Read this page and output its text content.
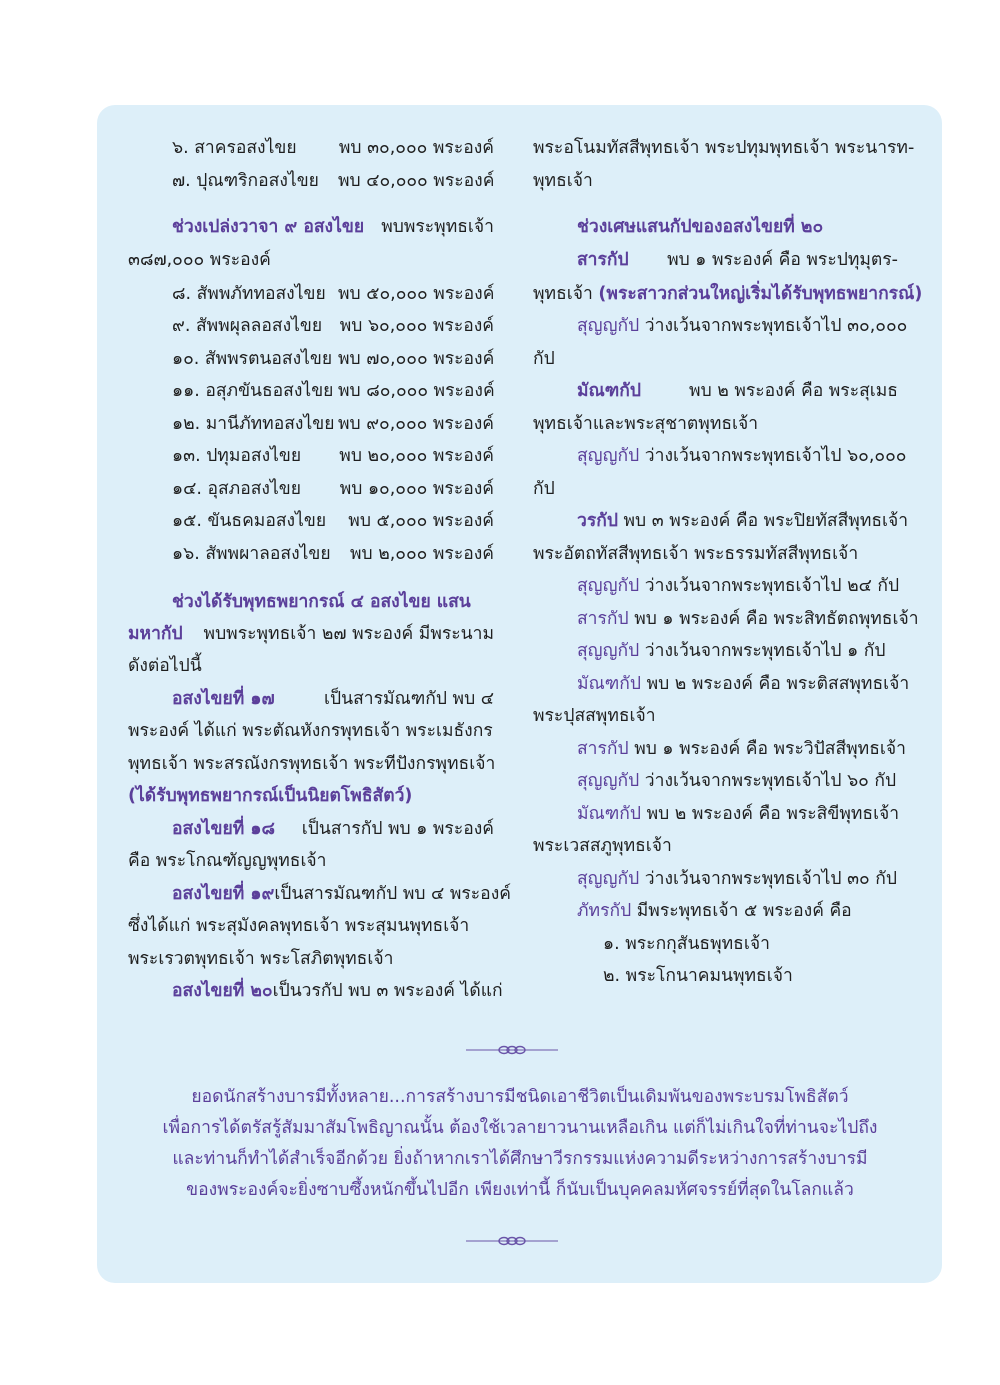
๖. สาครอสงไขย	พบ ๓๐,๐๐๐ พระองค์
๗. ปุณฑริกอสงไขย	พบ ๔๐,๐๐๐ พระองค์
ช่วงเปล่งวาจา ๙ อสงไขย พบพระพุทธเจ้า
๓๘๗,๐๐๐ พระองค์
๘. สัพพภัททอสงไขย พบ ๕๐,๐๐๐ พระองค์
๙. สัพพผุลลอสงไขย	พบ ๖๐,๐๐๐ พระองค์
๑๐. สัพพรตนอสงไขย พบ ๗๐,๐๐๐ พระองค์
๑๑. อสุภขันธอสงไขย พบ ๘๐,๐๐๐ พระองค์
๑๒. มานีภัททอสงไขย พบ ๙๐,๐๐๐ พระองค์
๑๓. ปทุมอสงไขย	พบ ๒๐,๐๐๐ พระองค์
๑๔. อุสภอสงไขย	พบ ๑๐,๐๐๐ พระองค์
๑๕. ขันธคมอสงไขย	พบ ๕,๐๐๐ พระองค์
๑๖. สัพพผาลอสงไขย	พบ ๒,๐๐๐ พระองค์
ช่วงได้รับพุทธพยากรณ์ ๔ อสงไขย แสน
มหากัป พบพระพุทธเจ้า ๒๗ พระองค์ มีพระนาม
ดังต่อไปนี้
อสงไขยที่ ๑๗	เป็นสารมัณฑกัป พบ ๔
พระองค์ ได้แก่ พระตัณหังกรพุทธเจ้า พระเมธังกร
พุทธเจ้า พระสรณังกรพุทธเจ้า พระทีปังกรพุทธเจ้า
(ได้รับพุทธพยากรณ์เป็นนิยตโพธิสัตว์)
อสงไขยที่ ๑๘ เป็นสารกัป พบ ๑ พระองค์
คือ พระโกณฑัญญพุทธเจ้า
อสงไขยที่ ๑๙ เป็นสารมัณฑกัป พบ ๔ พระองค์
ซึ่งได้แก่ พระสุมังคลพุทธเจ้า พระสุมนพุทธเจ้า
พระเรวตพุทธเจ้า พระโสภิตพุทธเจ้า
อสงไขยที่ ๒๐ เป็นวรกัป พบ ๓ พระองค์ ได้แก่
พระอโนมทัสสีพุทธเจ้า พระปทุมพุทธเจ้า พระนารท-
พุทธเจ้า
ช่วงเศษแสนกัปของอสงไขยที่ ๒๐
สารกัป พบ ๑ พระองค์ คือ พระปทุมุตร-
พุทธเจ้า (พระสาวกส่วนใหญ่เริ่มได้รับพุทธพยากรณ์)
สุญญกัป ว่างเว้นจากพระพุทธเจ้าไป ๓๐,๐๐๐
กัป
มัณฑกัป	พบ ๒ พระองค์ คือ พระสุเมธ
พุทธเจ้าและพระสุชาตพุทธเจ้า
สุญญกัป ว่างเว้นจากพระพุทธเจ้าไป ๖๐,๐๐๐
กัป
วรกัป พบ ๓ พระองค์ คือ พระปิยทัสสีพุทธเจ้า
พระอัตถทัสสีพุทธเจ้า พระธรรมทัสสีพุทธเจ้า
สุญญกัป ว่างเว้นจากพระพุทธเจ้าไป ๒๔ กัป
สารกัป พบ ๑ พระองค์ คือ พระสิทธัตถพุทธเจ้า
สุญญกัป ว่างเว้นจากพระพุทธเจ้าไป ๑ กัป
มัณฑกัป พบ ๒ พระองค์ คือ พระติสสพุทธเจ้า
พระปุสสพุทธเจ้า
สารกัป พบ ๑ พระองค์ คือ พระวิปัสสีพุทธเจ้า
สุญญกัป ว่างเว้นจากพระพุทธเจ้าไป ๖๐ กัป
มัณฑกัป พบ ๒ พระองค์ คือ พระสิขีพุทธเจ้า
พระเวสสภูพุทธเจ้า
สุญญกัป ว่างเว้นจากพระพุทธเจ้าไป ๓๐ กัป
ภัทรกัป มีพระพุทธเจ้า ๕ พระองค์ คือ
๑. พระกกุสันธพุทธเจ้า
๒. พระโกนาคมนพุทธเจ้า
ยอดนักสร้างบารมีทั้งหลาย...การสร้างบารมีชนิดเอาชีวิตเป็นเดิมพันของพระบรมโพธิสัตว์
เพื่อการได้ตรัสรู้สัมมาสัมโพธิญาณนั้น ต้องใช้เวลายาวนานเหลือเกิน แต่ก็ไม่เกินใจที่ท่านจะไปถึง
และท่านก็ทำได้สำเร็จอีกด้วย ยิ่งถ้าหากเราได้ศึกษาวีรกรรมแห่งความดีระหว่างการสร้างบารมี
ของพระองค์จะยิ่งซาบซึ้งหนักขึ้นไปอีก เพียงเท่านี้ ก็นับเป็นบุคคลมหัศจรรย์ที่สุดในโลกแล้ว
